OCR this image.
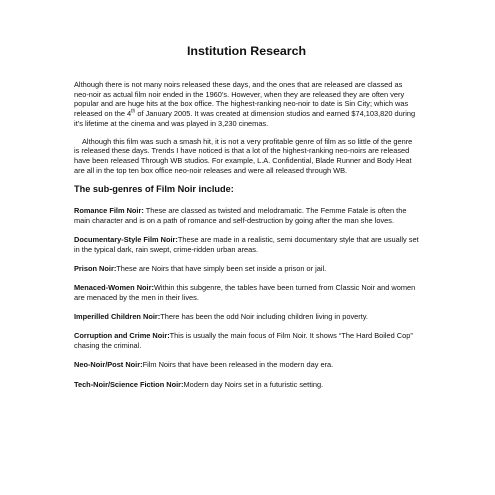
Institution Research

Although there is not many noirs released these days, and the ones that are released are classed as neo-noir as actual film noir ended in the 1960’s. However, when they are released they are often very popular and are huge hits at the box office. The highest-ranking neo-noir to date is Sin City; which was released on the 4th of January 2005. It was created at dimension studios and earned $74,103,820 during it’s lifetime at the cinema and was played in 3,230 cinemas.

Although this film was such a smash hit, it is not a very profitable genre of film as so little of the genre is released these days. Trends I have noticed is that a lot of the highest-ranking neo-noirs are released have been released Through WB studios. For example, L.A. Confidential, Blade Runner and Body Heat are all in the top ten box office neo-noir releases and were all released through WB.

The sub-genres of Film Noir include:

Romance Film Noir: These are classed as twisted and melodramatic. The Femme Fatale is often the main character and is on a path of romance and self-destruction by going after the man she loves.

Documentary-Style Film Noir:These are made in a realistic, semi documentary style that are usually set in the typical dark, rain swept, crime-ridden urban areas.

Prison Noir:These are Noirs that have simply been set inside a prison or jail.

Menaced-Women Noir:Within this subgenre, the tables have been turned from Classic Noir and women are menaced by the men in their lives.

Imperilled Children Noir:There has been the odd Noir including children living in poverty.

Corruption and Crime Noir:This is usually the main focus of Film Noir. It shows “The Hard Boiled Cop” chasing the criminal.

Neo-Noir/Post Noir:Film Noirs that have been released in the modern day era.

Tech-Noir/Science Fiction Noir:Modern day Noirs set in a futuristic setting.
